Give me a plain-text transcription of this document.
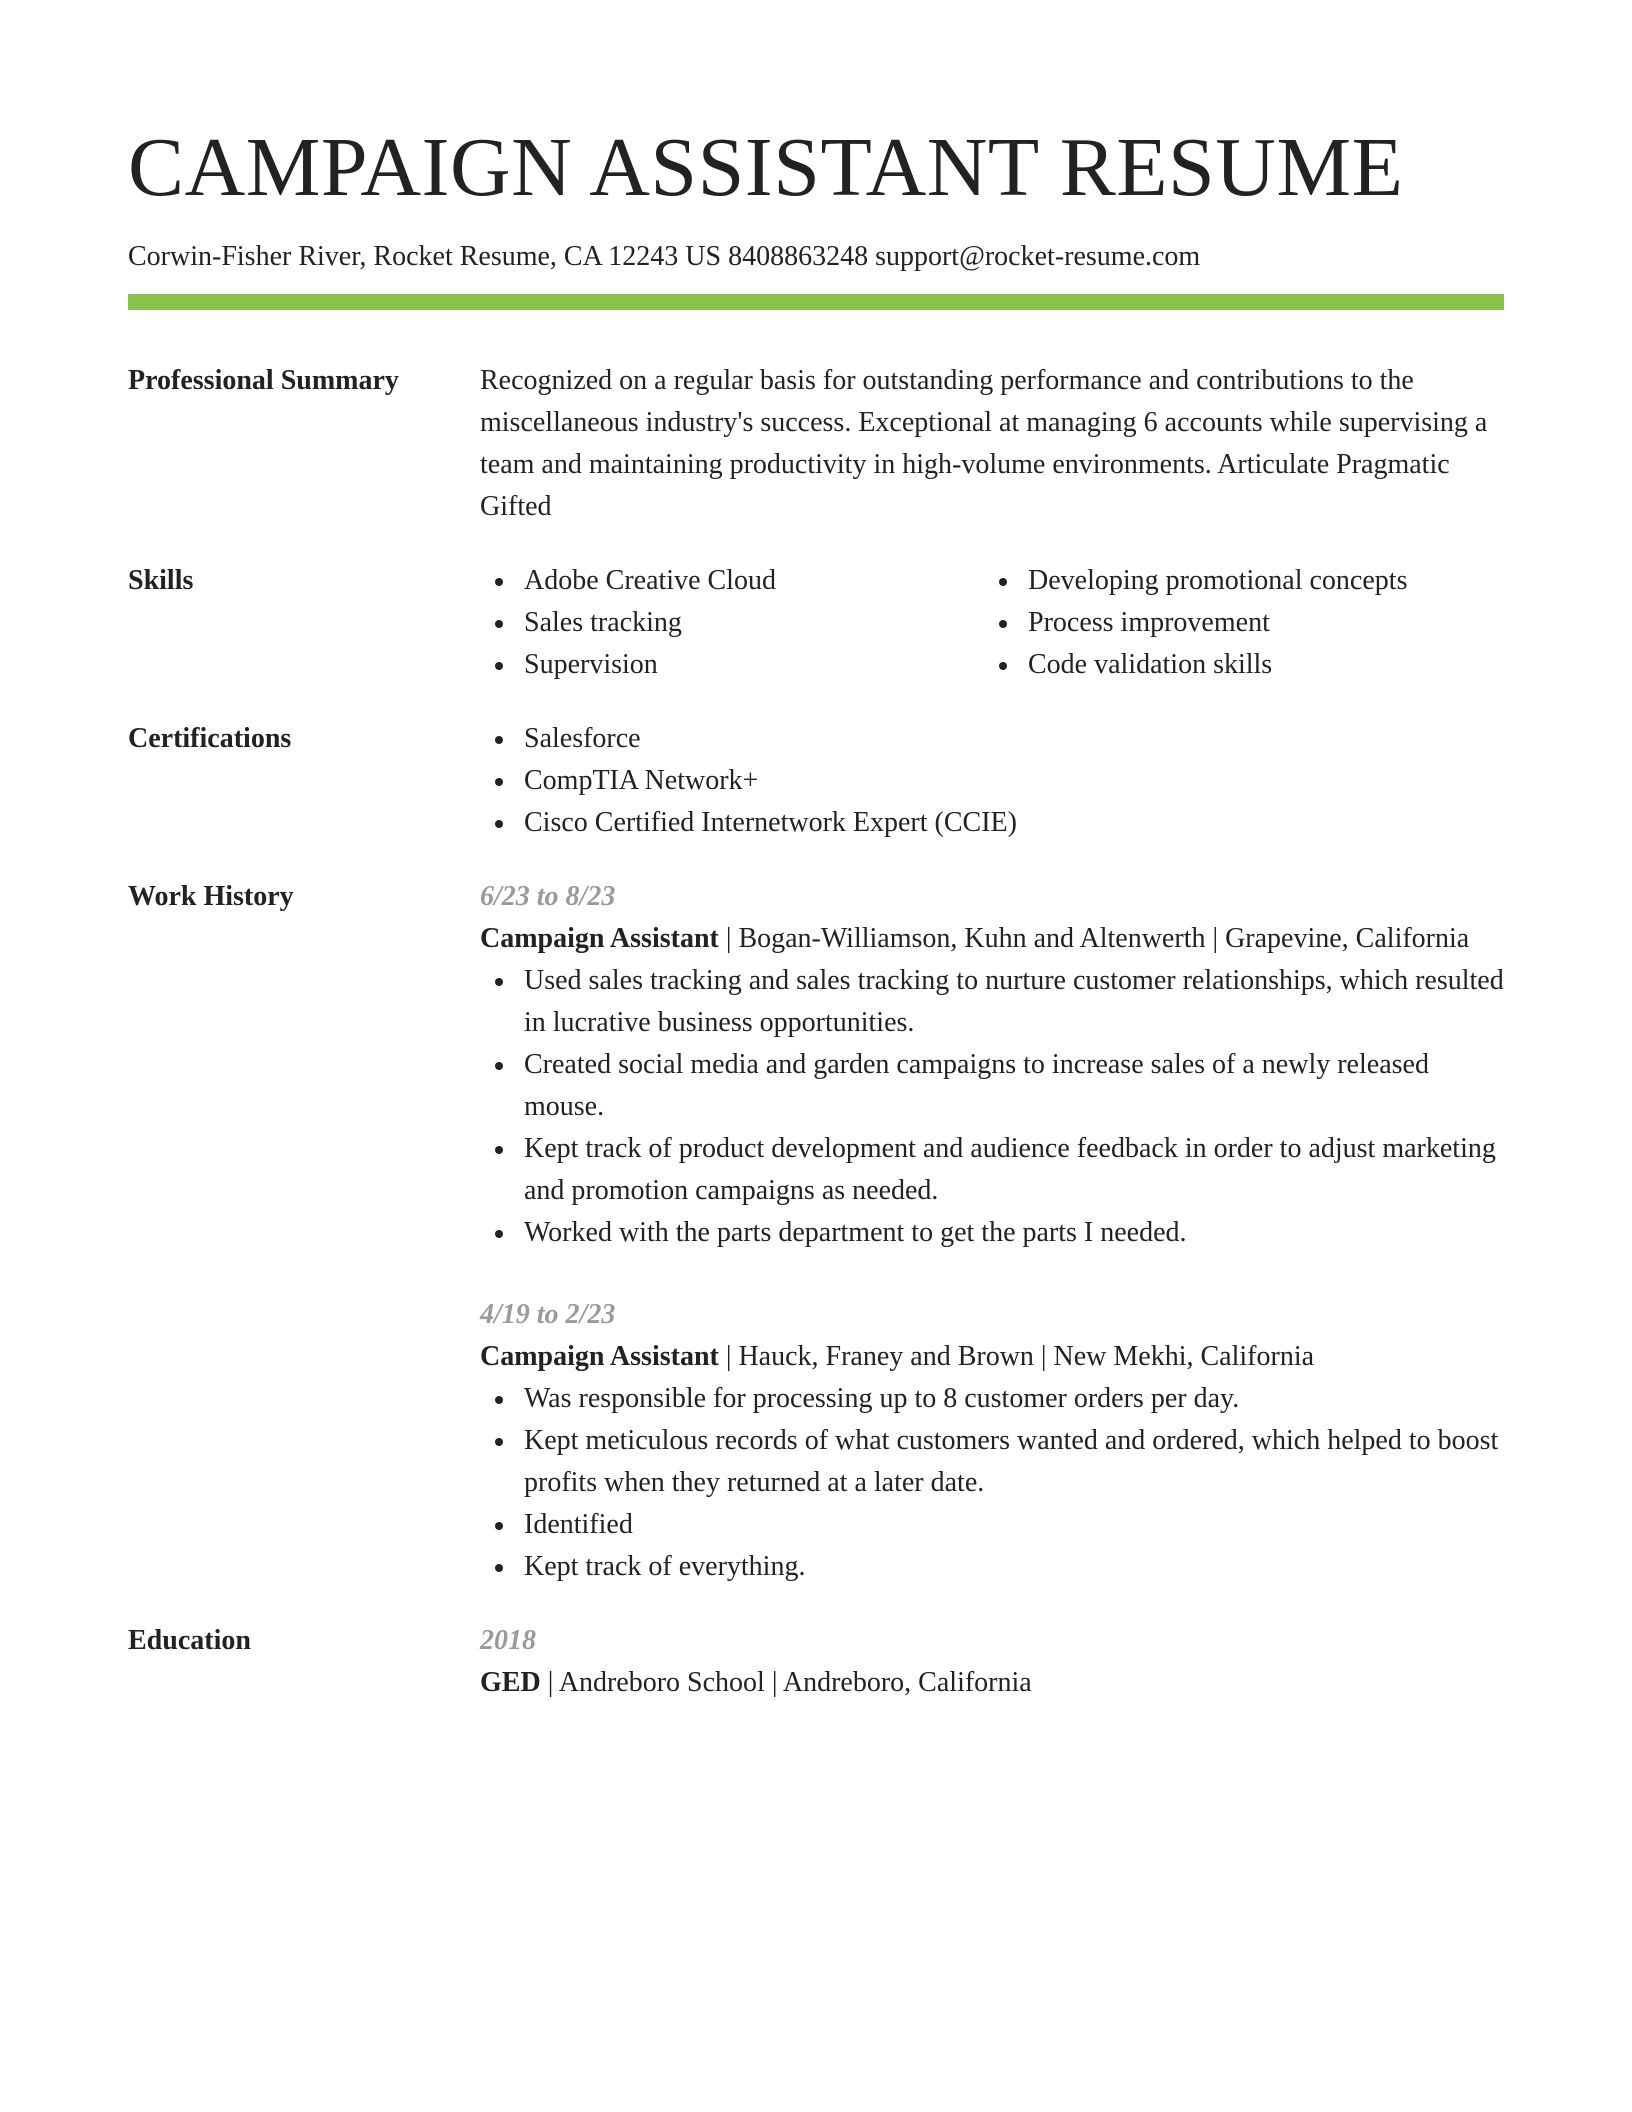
CAMPAIGN ASSISTANT RESUME
Corwin-Fisher River, Rocket Resume, CA 12243 US 8408863248 support@rocket-resume.com
Professional Summary	Recognized on a regular basis for outstanding performance and contributions to the miscellaneous industry's success. Exceptional at managing 6 accounts while supervising a team and maintaining productivity in high-volume environments. Articulate Pragmatic Gifted
Skills	Adobe Creative Cloud
Sales tracking
Supervision
Developing promotional concepts
Process improvement
Code validation skills
Certifications	Salesforce
CompTIA Network+
Cisco Certified Internetwork Expert (CCIE)
Work History	6/23 to 8/23
Campaign Assistant | Bogan-Williamson, Kuhn and Altenwerth | Grapevine, California
Used sales tracking and sales tracking to nurture customer relationships, which resulted in lucrative business opportunities.
Created social media and garden campaigns to increase sales of a newly released mouse.
Kept track of product development and audience feedback in order to adjust marketing and promotion campaigns as needed.
Worked with the parts department to get the parts I needed.
4/19 to 2/23
Campaign Assistant | Hauck, Franey and Brown | New Mekhi, California
Was responsible for processing up to 8 customer orders per day.
Kept meticulous records of what customers wanted and ordered, which helped to boost profits when they returned at a later date.
Identified
Kept track of everything.
Education	2018
GED | Andreboro School | Andreboro, California
